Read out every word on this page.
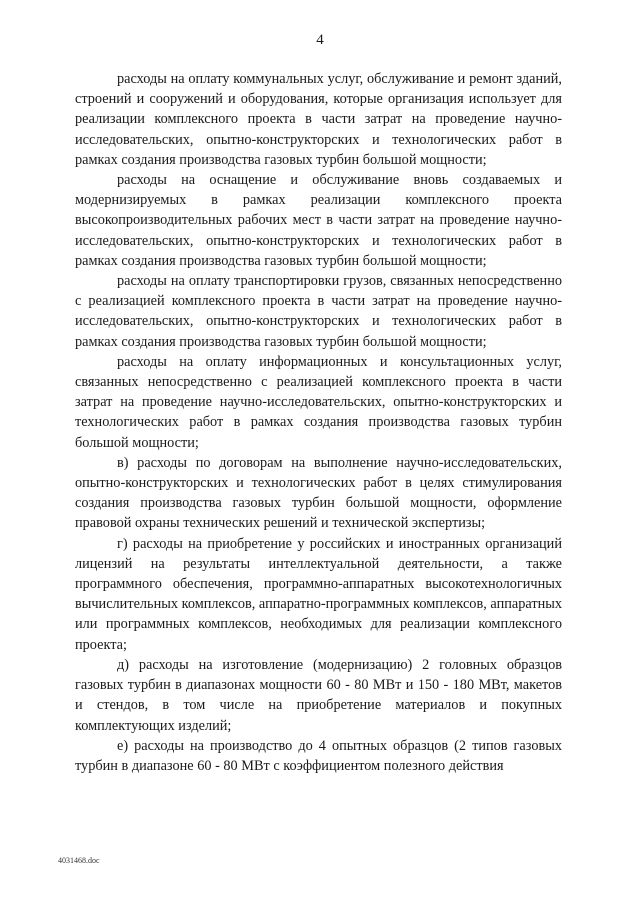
4

расходы на оплату коммунальных услуг, обслуживание и ремонт зданий, строений и сооружений и оборудования, которые организация использует для реализации комплексного проекта в части затрат на проведение научно-исследовательских, опытно-конструкторских и технологических работ в рамках создания производства газовых турбин большой мощности;

расходы на оснащение и обслуживание вновь создаваемых и модернизируемых в рамках реализации комплексного проекта высокопроизводительных рабочих мест в части затрат на проведение научно-исследовательских, опытно-конструкторских и технологических работ в рамках создания производства газовых турбин большой мощности;

расходы на оплату транспортировки грузов, связанных непосредственно с реализацией комплексного проекта в части затрат на проведение научно-исследовательских, опытно-конструкторских и технологических работ в рамках создания производства газовых турбин большой мощности;

расходы на оплату информационных и консультационных услуг, связанных непосредственно с реализацией комплексного проекта в части затрат на проведение научно-исследовательских, опытно-конструкторских и технологических работ в рамках создания производства газовых турбин большой мощности;

в) расходы по договорам на выполнение научно-исследовательских, опытно-конструкторских и технологических работ в целях стимулирования создания производства газовых турбин большой мощности, оформление правовой охраны технических решений и технической экспертизы;

г) расходы на приобретение у российских и иностранных организаций лицензий на результаты интеллектуальной деятельности, а также программного обеспечения, программно-аппаратных высокотехнологичных вычислительных комплексов, аппаратно-программных комплексов, аппаратных или программных комплексов, необходимых для реализации комплексного проекта;

д) расходы на изготовление (модернизацию) 2 головных образцов газовых турбин в диапазонах мощности 60 - 80 МВт и 150 - 180 МВт, макетов и стендов, в том числе на приобретение материалов и покупных комплектующих изделий;

е) расходы на производство до 4 опытных образцов (2 типов газовых турбин в диапазоне 60 - 80 МВт с коэффициентом полезного действия

4031468.doc
